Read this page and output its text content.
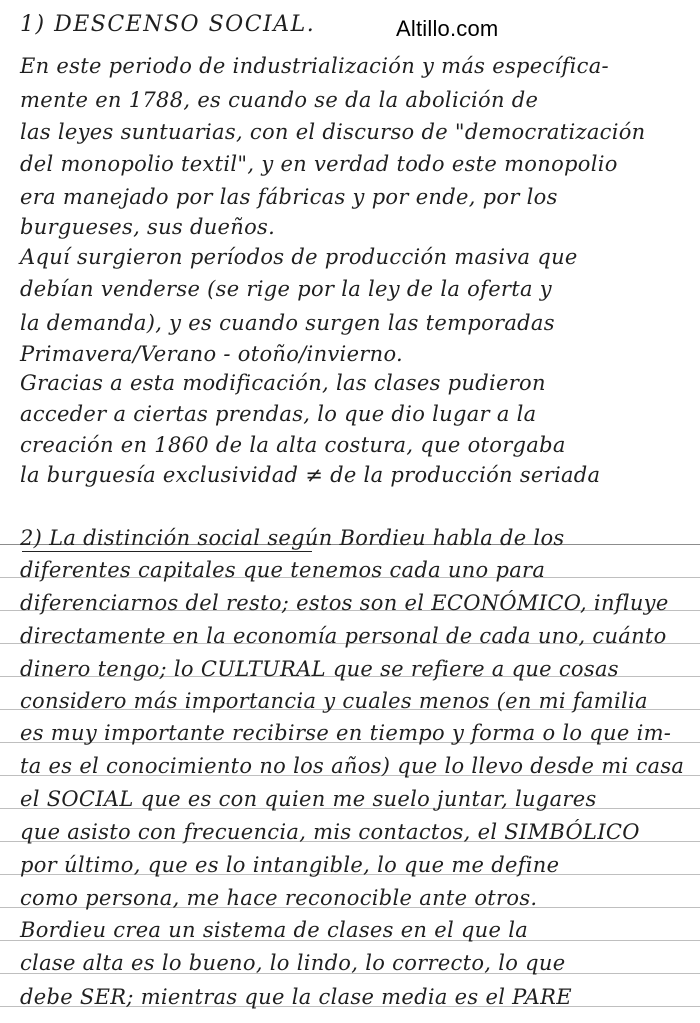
Altillo.com
1) DESCENSO SOCIAL.
En este periodo de industrialización y más específica-
mente en 1788, es cuando se da la abolición de
las leyes suntuarias, con el discurso de "democratización
del monopolio textil", y en verdad todo este monopolio
era manejado por las fábricas y por ende, por los
burgueses, sus dueños.
Aquí surgieron períodos de producción masiva que
debían venderse (se rige por la ley de la oferta y
la demanda), y es cuando surgen las temporadas
Primavera/Verano - otoño/invierno.
Gracias a esta modificación, las clases pudieron
acceder a ciertas prendas, lo que dio lugar a la
creación en 1860 de la alta costura, que otorgaba
la burguesía exclusividad ≠ de la producción seriada
2) La distinción social según Bordieu habla de los
diferentes capitales que tenemos cada uno para
diferenciarnos del resto; estos son el ECONÓMICO, influye
directamente en la economía personal de cada uno, cuánto
dinero tengo; lo CULTURAL que se refiere a que cosas
considero más importancia y cuales menos (en mi familia
es muy importante recibirse en tiempo y forma o lo que im-
ta es el conocimiento no los años) que lo llevo desde mi casa
el SOCIAL que es con quien me suelo juntar, lugares
que asisto con frecuencia, mis contactos, el SIMBÓLICO
por último, que es lo intangible, lo que me define
como persona, me hace reconocible ante otros.
Bordieu crea un sistema de clases en el que la
clase alta es lo bueno, lo lindo, lo correcto, lo que
debe SER; mientras que la clase media es el PARE
